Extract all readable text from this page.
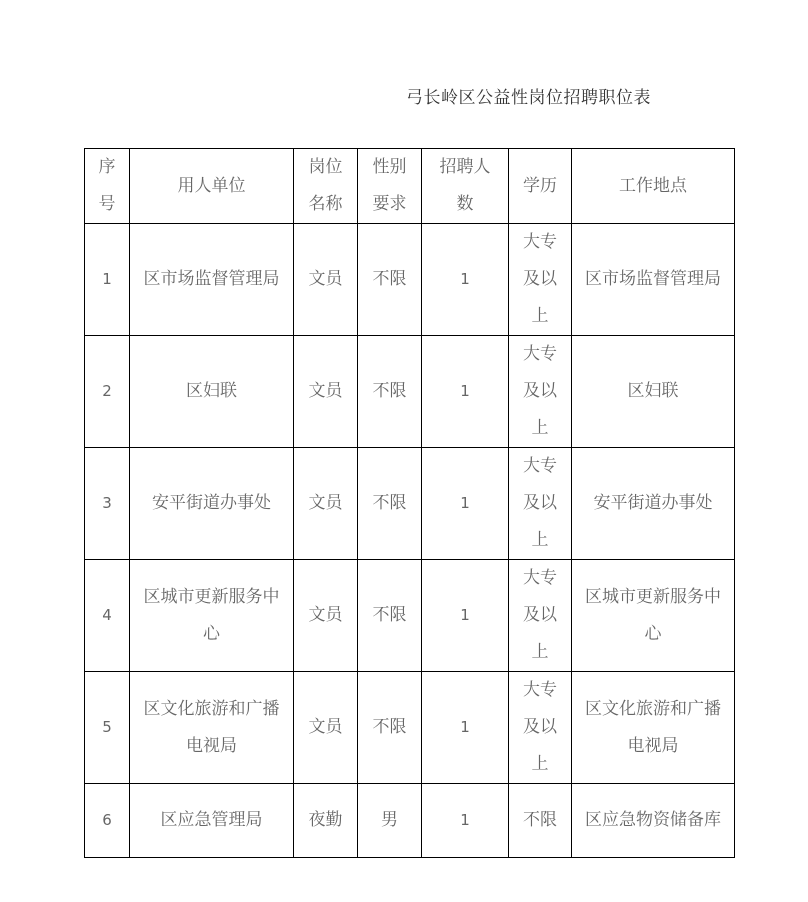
弓长岭区公益性岗位招聘职位表
序号	用人单位	岗位名称	性别要求	招聘人数	学历	工作地点
1	区市场监督管理局	文员	不限	1	大专及以上	区市场监督管理局
2	区妇联	文员	不限	1	大专及以上	区妇联
3	安平街道办事处	文员	不限	1	大专及以上	安平街道办事处
4	区城市更新服务中心	文员	不限	1	大专及以上	区城市更新服务中心
5	区文化旅游和广播电视局	文员	不限	1	大专及以上	区文化旅游和广播电视局
6	区应急管理局	夜勤	男	1	不限	区应急物资储备库
